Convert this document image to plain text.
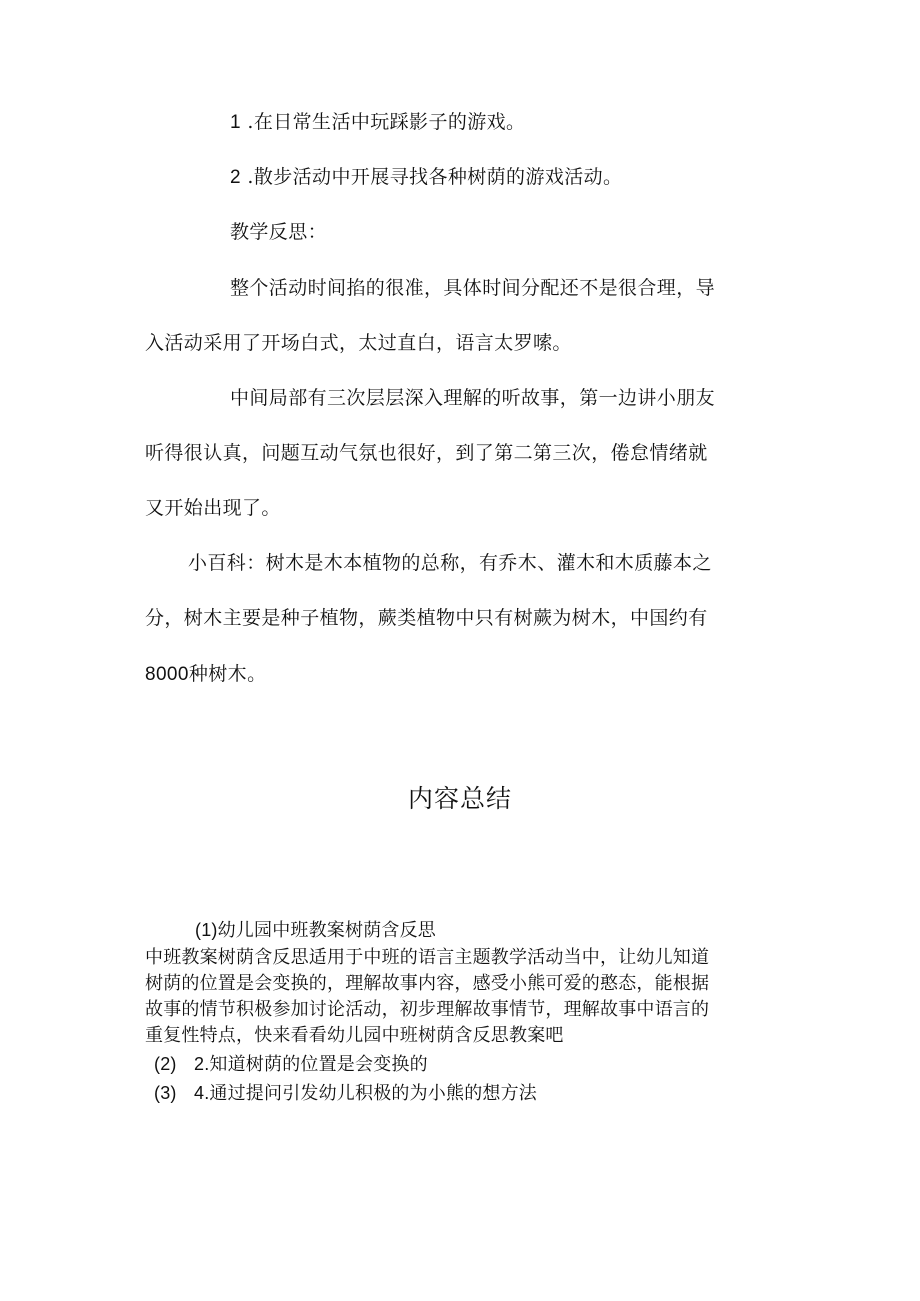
1 .在日常生活中玩踩影子的游戏。

2 .散步活动中开展寻找各种树荫的游戏活动。

教学反思：

整个活动时间掐的很准，具体时间分配还不是很合理，导

入活动采用了开场白式，太过直白，语言太罗嗦。

中间局部有三次层层深入理解的听故事，第一边讲小朋友

听得很认真，问题互动气氛也很好，到了第二第三次，倦怠情绪就

又开始出现了。

小百科：树木是木本植物的总称，有乔木、灌木和木质藤本之

分，树木主要是种子植物，蕨类植物中只有树蕨为树木，中国约有

8000种树木。

内容总结

(1)幼儿园中班教案树荫含反思

中班教案树荫含反思适用于中班的语言主题教学活动当中，让幼儿知道

树荫的位置是会变换的，理解故事内容，感受小熊可爱的憨态，能根据

故事的情节积极参加讨论活动，初步理解故事情节，理解故事中语言的

重复性特点，快来看看幼儿园中班树荫含反思教案吧

(2) 2.知道树荫的位置是会变换的

(3) 4.通过提问引发幼儿积极的为小熊的想方法
